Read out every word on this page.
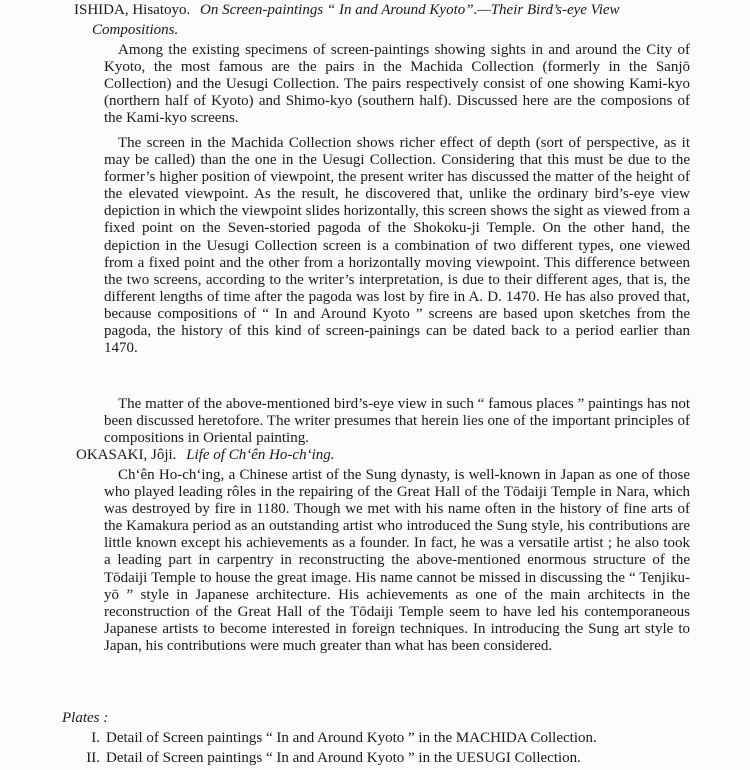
ISHIDA, Hisatoyo. On Screen-paintings “ In and Around Kyoto”.—Their Bird’s-eye View
Compositions.

Among the existing specimens of screen-paintings showing sights in and around the City of Kyoto, the most famous are the pairs in the Machida Collection (formerly in the Sanjō Collection) and the Uesugi Collection. The pairs respectively consist of one showing Kami-kyo (northern half of Kyoto) and Shimo-kyo (southern half). Discussed here are the composions of the Kami-kyo screens.

The screen in the Machida Collection shows richer effect of depth (sort of perspective, as it may be called) than the one in the Uesugi Collection. Considering that this must be due to the former’s higher position of viewpoint, the present writer has discussed the matter of the height of the elevated viewpoint. As the result, he discovered that, unlike the ordinary bird’s-eye view depiction in which the viewpoint slides horizontally, this screen shows the sight as viewed from a fixed point on the Seven-storied pagoda of the Shokoku-ji Temple. On the other hand, the depiction in the Uesugi Collection screen is a combination of two different types, one viewed from a fixed point and the other from a horizontally moving viewpoint. This difference between the two screens, according to the writer’s interpretation, is due to their different ages, that is, the different lengths of time after the pagoda was lost by fire in A. D. 1470. He has also proved that, because compositions of “ In and Around Kyoto ” screens are based upon sketches from the pagoda, the history of this kind of screen-painings can be dated back to a period earlier than 1470.

The matter of the above-mentioned bird’s-eye view in such “ famous places ” paintings has not been discussed heretofore. The writer presumes that herein lies one of the important principles of compositions in Oriental painting.

OKASAKI, Jôji. Life of Ch‘ên Ho-ch‘ing.

Ch‘ên Ho-ch‘ing, a Chinese artist of the Sung dynasty, is well-known in Japan as one of those who played leading rôles in the repairing of the Great Hall of the Tōdaiji Temple in Nara, which was destroyed by fire in 1180. Though we met with his name often in the history of fine arts of the Kamakura period as an outstanding artist who introduced the Sung style, his contributions are little known except his achievements as a founder. In fact, he was a versatile artist ; he also took a leading part in carpentry in reconstructing the above-mentioned enormous structure of the Tōdaiji Temple to house the great image. His name cannot be missed in discussing the “ Tenjiku-yō ” style in Japanese architecture. His achievements as one of the main architects in the reconstruction of the Great Hall of the Tōdaiji Temple seem to have led his contemporaneous Japanese artists to become interested in foreign techniques. In introducing the Sung art style to Japan, his contributions were much greater than what has been considered.

Plates :
I. Detail of Screen paintings “ In and Around Kyoto ” in the MACHIDA Collection.
II. Detail of Screen paintings “ In and Around Kyoto ” in the UESUGI Collection.
